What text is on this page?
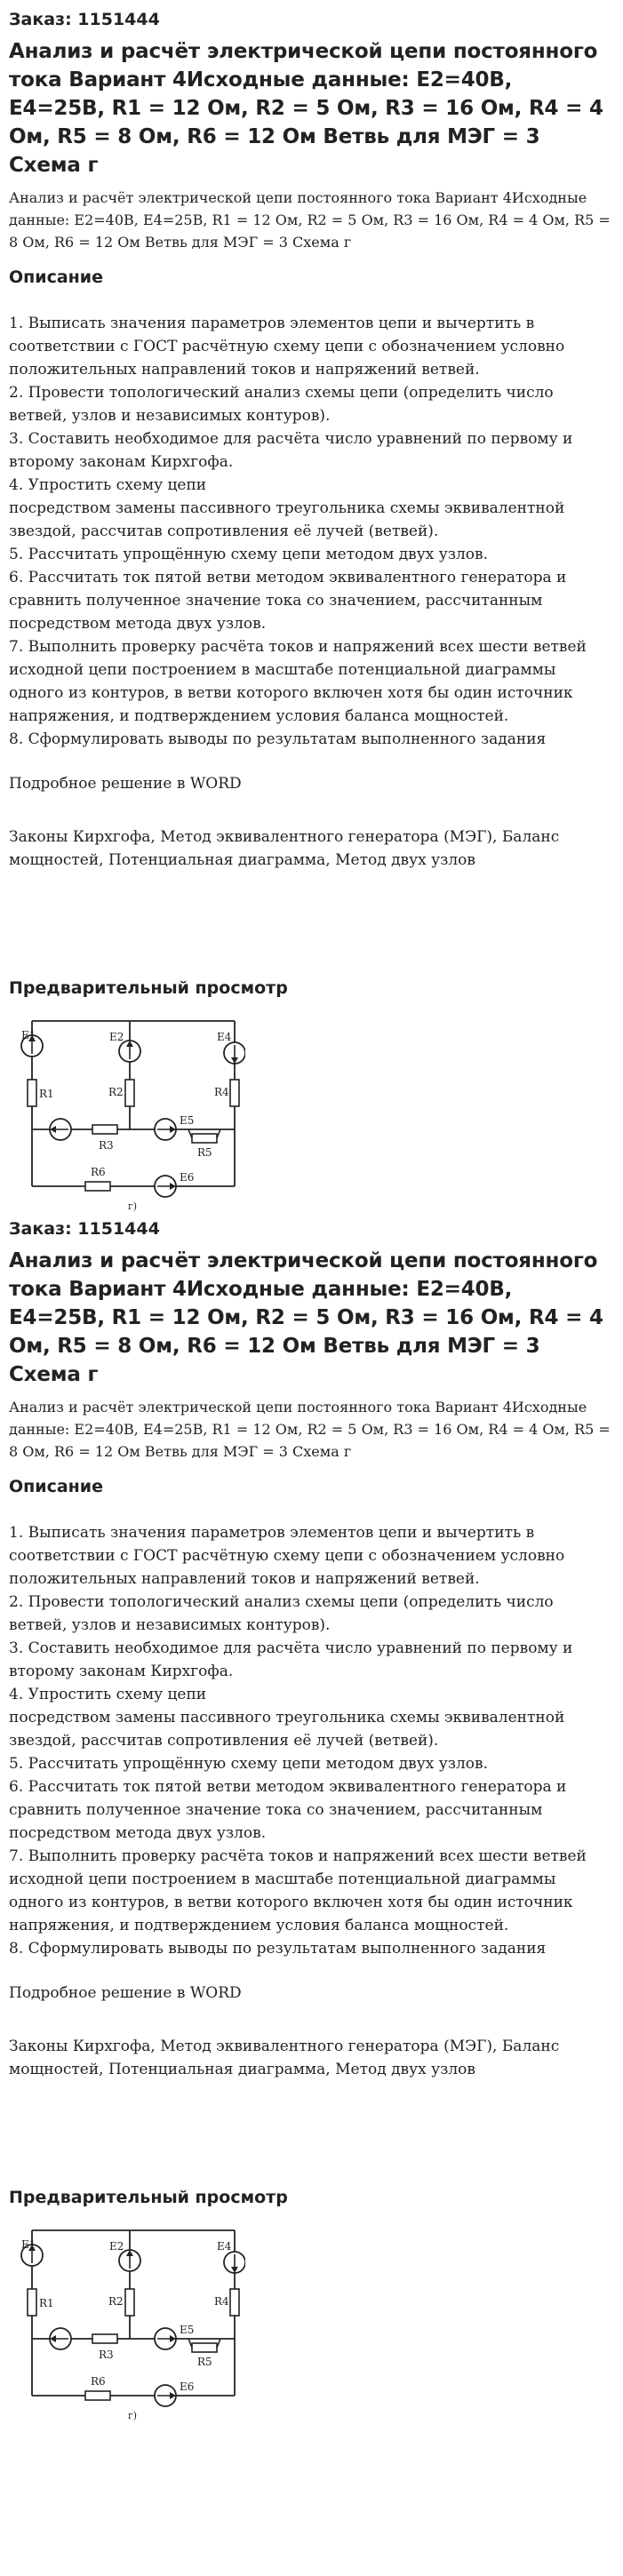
Заказ: 1151444
Анализ и расчёт электрической цепи постоянного тока Вариант 4Исходные данные: E2=40В, E4=25В, R1 = 12 Ом, R2 = 5 Ом, R3 = 16 Ом, R4 = 4 Ом, R5 = 8 Ом, R6 = 12 Ом Ветвь для МЭГ = 3 Схема г
Анализ и расчёт электрической цепи постоянного тока Вариант 4Исходные данные: E2=40В, E4=25В, R1 = 12 Ом, R2 = 5 Ом, R3 = 16 Ом, R4 = 4 Ом, R5 = 8 Ом, R6 = 12 Ом Ветвь для МЭГ = 3 Схема г
Описание
1. Выписать значения параметров элементов цепи и вычертить в соответствии с ГОСТ расчётную схему цепи с обозначением условно положительных направлений токов и напряжений ветвей.
2. Провести топологический анализ схемы цепи (определить число ветвей, узлов и независимых контуров).
3. Составить необходимое для расчёта число уравнений по первому и второму законам Кирхгофа.
4. Упростить схему цепи
посредством замены пассивного треугольника схемы эквивалентной звездой, рассчитав сопротивления её лучей (ветвей).
5. Рассчитать упрощённую схему цепи методом двух узлов.
6. Рассчитать ток пятой ветви методом эквивалентного генератора и сравнить полученное значение тока со значением, рассчитанным посредством метода двух узлов.
7. Выполнить проверку расчёта токов и напряжений всех шести ветвей исходной цепи построением в масштабе потенциальной диаграммы одного из контуров, в ветви которого включен хотя бы один источник напряжения, и подтверждением условия баланса мощностей.
8. Сформулировать выводы по результатам выполненного задания
Подробное решение в WORD
Законы Кирхгофа, Метод эквивалентного генератора (МЭГ), Баланс мощностей, Потенциальная диаграмма, Метод двух узлов
Предварительный просмотр
E1	E2	E4
R1	R2	R4
R3
E5
R5
R6	E6
г)
Заказ: 1151444
Анализ и расчёт электрической цепи постоянного тока Вариант 4Исходные данные: E2=40В, E4=25В, R1 = 12 Ом, R2 = 5 Ом, R3 = 16 Ом, R4 = 4 Ом, R5 = 8 Ом, R6 = 12 Ом Ветвь для МЭГ = 3 Схема г
Анализ и расчёт электрической цепи постоянного тока Вариант 4Исходные данные: E2=40В, E4=25В, R1 = 12 Ом, R2 = 5 Ом, R3 = 16 Ом, R4 = 4 Ом, R5 = 8 Ом, R6 = 12 Ом Ветвь для МЭГ = 3 Схема г
Описание
1. Выписать значения параметров элементов цепи и вычертить в соответствии с ГОСТ расчётную схему цепи с обозначением условно положительных направлений токов и напряжений ветвей.
2. Провести топологический анализ схемы цепи (определить число ветвей, узлов и независимых контуров).
3. Составить необходимое для расчёта число уравнений по первому и второму законам Кирхгофа.
4. Упростить схему цепи
посредством замены пассивного треугольника схемы эквивалентной звездой, рассчитав сопротивления её лучей (ветвей).
5. Рассчитать упрощённую схему цепи методом двух узлов.
6. Рассчитать ток пятой ветви методом эквивалентного генератора и сравнить полученное значение тока со значением, рассчитанным посредством метода двух узлов.
7. Выполнить проверку расчёта токов и напряжений всех шести ветвей исходной цепи построением в масштабе потенциальной диаграммы одного из контуров, в ветви которого включен хотя бы один источник напряжения, и подтверждением условия баланса мощностей.
8. Сформулировать выводы по результатам выполненного задания
Подробное решение в WORD
Законы Кирхгофа, Метод эквивалентного генератора (МЭГ), Баланс мощностей, Потенциальная диаграмма, Метод двух узлов
Предварительный просмотр
E1	E2	E4
R1	R2	R4
R3
E5
R5
R6	E6
г)
